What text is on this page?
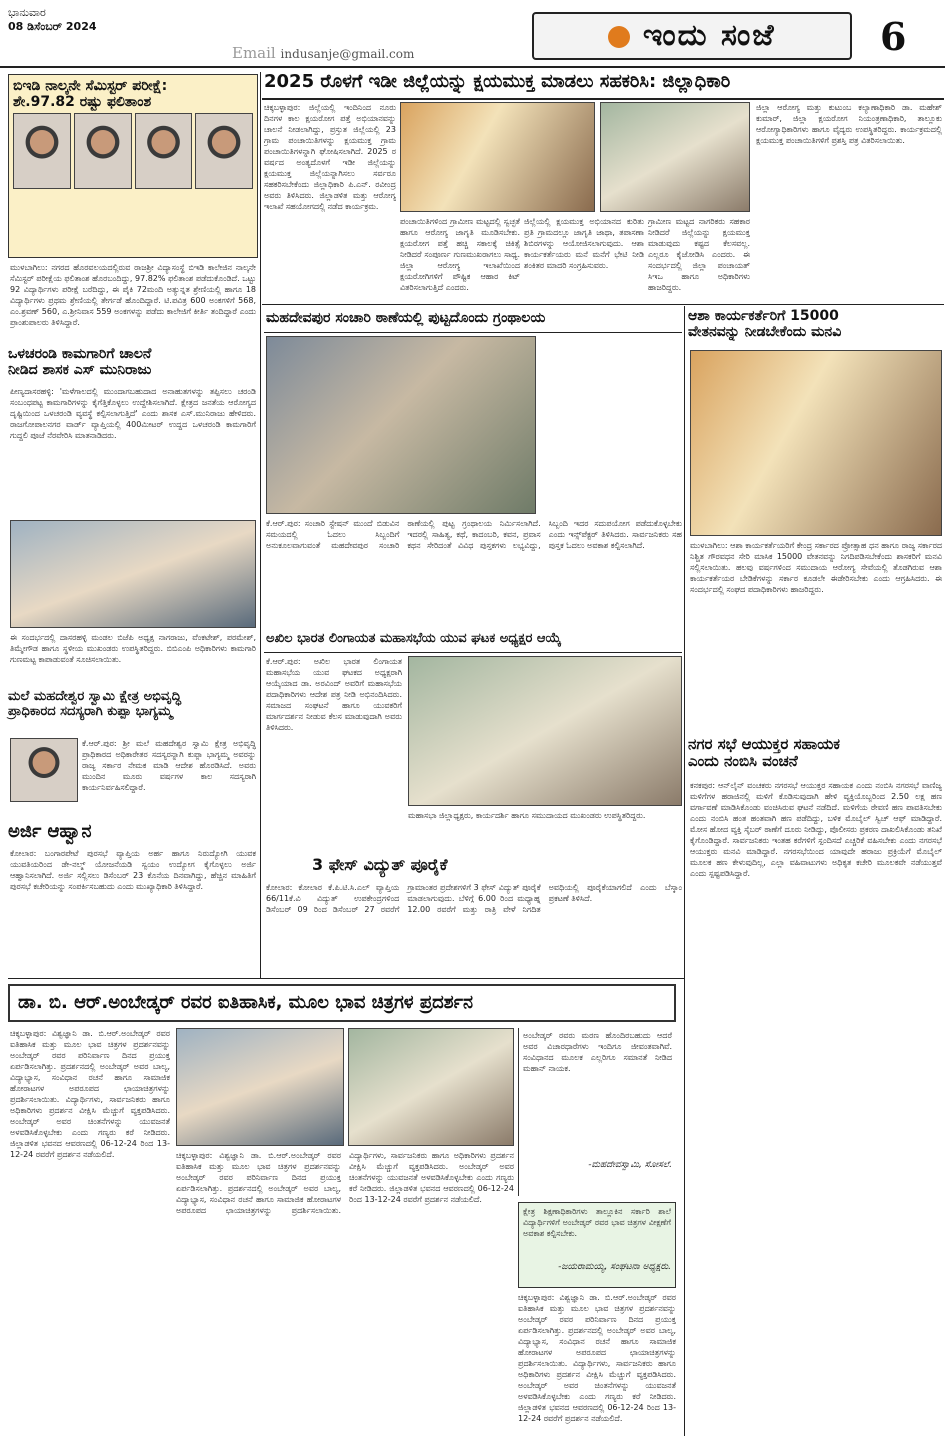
ಭಾನುವಾರ
08 ಡಿಸೆಂಬರ್ 2024
Email indusanje@gmail.com
ಇಂದು ಸಂಜೆ	6
ಬಿಇಡಿ ನಾಲ್ಕನೇ ಸೆಮಿಸ್ಟರ್ ಪರೀಕ್ಷೆ:
ಶೇ.97.82 ರಷ್ಟು ಫಲಿತಾಂಶ
ಮುಳಬಾಗಿಲು: ನಗರದ ಹೊರವಲಯದಲ್ಲಿರುವ ರಾಜಶ್ರೀ ವಿದ್ಯಾಸಂಸ್ಥೆ ಬಿಇಡಿ ಕಾಲೇಜಿನ ನಾಲ್ಕನೇ ಸೆಮಿಸ್ಟರ್ ಪರೀಕ್ಷೆಯ ಫಲಿತಾಂಶ ಹೊರಬಂದಿದ್ದು, 97.82% ಫಲಿತಾಂಶ ಪಡೆದುಕೊಂಡಿದೆ. ಒಟ್ಟು 92 ವಿದ್ಯಾರ್ಥಿಗಳು ಪರೀಕ್ಷೆ ಬರೆದಿದ್ದು, ಈ ಪೈಕಿ 72ಮಂದಿ ಅತ್ಯುನ್ನತ ಶ್ರೇಣಿಯಲ್ಲಿ ಹಾಗೂ 18 ವಿದ್ಯಾರ್ಥಿಗಳು ಪ್ರಥಮ ಶ್ರೇಣಿಯಲ್ಲಿ ತೇರ್ಗಡೆ ಹೊಂದಿದ್ದಾರೆ. ಟಿ.ಪವಿತ್ರ 600 ಅಂಕಗಳಿಗೆ 568, ಎಂ.ಶ್ರವಣ್ 560, ಎ.ಶ್ರೀನಿವಾಸ 559 ಅಂಕಗಳನ್ನು ಪಡೆದು ಕಾಲೇಜಿಗೆ ಕೀರ್ತಿ ತಂದಿದ್ದಾರೆ ಎಂದು ಪ್ರಾಂಶುಪಾಲರು ತಿಳಿಸಿದ್ದಾರೆ.
ಒಳಚರಂಡಿ ಕಾಮಗಾರಿಗೆ ಚಾಲನೆ
ನೀಡಿದ ಶಾಸಕ ಎಸ್ ಮುನಿರಾಜು
ಪೀಣ್ಯದಾಸರಹಳ್ಳಿ: 'ಮಳೆಗಾಲದಲ್ಲಿ ಮುಂದಾಗಬಹುದಾದ ಅನಾಹುತಗಳನ್ನು ತಪ್ಪಿಸಲು ಚರಂಡಿ ಸಂಬಂಧಪಟ್ಟ ಕಾಮಗಾರಿಗಳನ್ನು ಕೈಗೆತ್ತಿಕೊಳ್ಳಲು ಉದ್ದೇಶಿಸಲಾಗಿದೆ. ಕ್ಷೇತ್ರದ ಜನತೆಯ ಆರೋಗ್ಯದ ದೃಷ್ಟಿಯಿಂದ ಒಳಚರಂಡಿ ವ್ಯವಸ್ಥೆ ಕಲ್ಪಿಸಲಾಗುತ್ತಿದೆ' ಎಂದು ಶಾಸಕ ಎಸ್.ಮುನಿರಾಜು ಹೇಳಿದರು. ರಾಜಗೋಪಾಲನಗರ ವಾರ್ಡ್ ವ್ಯಾಪ್ತಿಯಲ್ಲಿ 400ಮೀಟರ್ ಉದ್ದದ ಒಳಚರಂಡಿ ಕಾಮಗಾರಿಗೆ ಗುದ್ದಲಿ ಪೂಜೆ ನೆರವೇರಿಸಿ ಮಾತನಾಡಿದರು.
ಈ ಸಂದರ್ಭದಲ್ಲಿ ದಾಸರಹಳ್ಳಿ ಮಂಡಲ ಬಿಜೆಪಿ ಅಧ್ಯಕ್ಷ ನಾಗರಾಜು, ವೆಂಕಟೇಶ್, ಪರಮೇಶ್, ತಿಮ್ಮೇಗೌಡ ಹಾಗೂ ಸ್ಥಳೀಯ ಮುಖಂಡರು ಉಪಸ್ಥಿತರಿದ್ದರು. ಬಿಬಿಎಂಪಿ ಅಧಿಕಾರಿಗಳು ಕಾಮಗಾರಿ ಗುಣಮಟ್ಟ ಕಾಪಾಡುವಂತೆ ಸೂಚಿಸಲಾಯಿತು.
ಮಲೆ ಮಹದೇಶ್ವರ ಸ್ವಾಮಿ ಕ್ಷೇತ್ರ ಅಭಿವೃದ್ಧಿ
ಪ್ರಾಧಿಕಾರದ ಸದಸ್ಯರಾಗಿ ಕುಪ್ಪಾ ಭಾಗ್ಯಮ್ಮ
ಕೆ.ಆರ್.ಪುರ: ಶ್ರೀ ಮಲೆ ಮಹದೇಶ್ವರ ಸ್ವಾಮಿ ಕ್ಷೇತ್ರ ಅಭಿವೃದ್ಧಿ ಪ್ರಾಧಿಕಾರದ ಅಧಿಕಾರೇತರ ಸದಸ್ಯರನ್ನಾಗಿ ಕುಪ್ಪಾ ಭಾಗ್ಯಮ್ಮ ಅವರನ್ನು ರಾಜ್ಯ ಸರ್ಕಾರ ನೇಮಕ ಮಾಡಿ ಆದೇಶ ಹೊರಡಿಸಿದೆ. ಅವರು ಮುಂದಿನ ಮೂರು ವರ್ಷಗಳ ಕಾಲ ಸದಸ್ಯರಾಗಿ ಕಾರ್ಯನಿರ್ವಹಿಸಲಿದ್ದಾರೆ.
ಅರ್ಜಿ ಆಹ್ವಾನ
ಕೋಲಾರ: ಬಂಗಾರಪೇಟೆ ಪುರಸಭೆ ವ್ಯಾಪ್ತಿಯ ಅರ್ಹ ಹಾಗೂ ನಿರುದ್ಯೋಗಿ ಯುವಕ ಯುವತಿಯರಿಂದ ಡೇ-ನಲ್ಮ್ ಯೋಜನೆಯಡಿ ಸ್ವಯಂ ಉದ್ಯೋಗ ಕೈಗೊಳ್ಳಲು ಅರ್ಜಿ ಆಹ್ವಾನಿಸಲಾಗಿದೆ. ಅರ್ಜಿ ಸಲ್ಲಿಸಲು ಡಿಸೆಂಬರ್ 23 ಕೊನೆಯ ದಿನವಾಗಿದ್ದು, ಹೆಚ್ಚಿನ ಮಾಹಿತಿಗೆ ಪುರಸಭೆ ಕಚೇರಿಯನ್ನು ಸಂಪರ್ಕಿಸಬಹುದು ಎಂದು ಮುಖ್ಯಾಧಿಕಾರಿ ತಿಳಿಸಿದ್ದಾರೆ.
2025 ರೊಳಗೆ ಇಡೀ ಜಿಲ್ಲೆಯನ್ನು ಕ್ಷಯಮುಕ್ತ ಮಾಡಲು ಸಹಕರಿಸಿ: ಜಿಲ್ಲಾಧಿಕಾರಿ
ಚಿಕ್ಕಬಳ್ಳಾಪುರ: ಜಿಲ್ಲೆಯಲ್ಲಿ ಇಂದಿನಿಂದ ನೂರು ದಿನಗಳ ಕಾಲ ಕ್ಷಯರೋಗ ಪತ್ತೆ ಅಭಿಯಾನವನ್ನು ಚಾಲನೆ ನೀಡಲಾಗಿದ್ದು, ಪ್ರಸ್ತುತ ಜಿಲ್ಲೆಯಲ್ಲಿ 23 ಗ್ರಾಮ ಪಂಚಾಯಿತಿಗಳನ್ನು ಕ್ಷಯಮುಕ್ತ ಗ್ರಾಮ ಪಂಚಾಯಿತಿಗಳನ್ನಾಗಿ ಘೋಷಿಸಲಾಗಿದೆ. 2025 ರ ವರ್ಷದ ಅಂತ್ಯದೊಳಗೆ ಇಡೀ ಜಿಲ್ಲೆಯನ್ನು ಕ್ಷಯಮುಕ್ತ ಜಿಲ್ಲೆಯನ್ನಾಗಿಸಲು ಸರ್ವರೂ ಸಹಕರಿಸಬೇಕೆಂದು ಜಿಲ್ಲಾಧಿಕಾರಿ ಪಿ.ಎನ್. ರವೀಂದ್ರ ಅವರು ತಿಳಿಸಿದರು. ಜಿಲ್ಲಾಡಳಿತ ಮತ್ತು ಆರೋಗ್ಯ ಇಲಾಖೆ ಸಹಯೋಗದಲ್ಲಿ ನಡೆದ ಕಾರ್ಯಕ್ರಮ.
ಪಂಚಾಯಿತಿಗಳಿಂದ ಗ್ರಾಮೀಣ ಮಟ್ಟದಲ್ಲಿ ಸ್ವಚ್ಛತೆ ಹಾಗೂ ಆರೋಗ್ಯ ಜಾಗೃತಿ ಮೂಡಿಸಬೇಕು. ಕ್ಷಯರೋಗ ಪತ್ತೆ ಹಚ್ಚಿ ಸಕಾಲಕ್ಕೆ ಚಿಕಿತ್ಸೆ ನೀಡಿದರೆ ಸಂಪೂರ್ಣ ಗುಣಮುಖರಾಗಲು ಸಾಧ್ಯ. ಜಿಲ್ಲಾ ಆರೋಗ್ಯ ಇಲಾಖೆಯಿಂದ ಕ್ಷಯರೋಗಿಗಳಿಗೆ ಪೌಷ್ಟಿಕ ಆಹಾರ ಕಿಟ್ ವಿತರಿಸಲಾಗುತ್ತಿದೆ ಎಂದರು.
ಜಿಲ್ಲೆಯಲ್ಲಿ ಕ್ಷಯಮುಕ್ತ ಅಭಿಯಾನದ ಕುರಿತು ಪ್ರತಿ ಗ್ರಾಮದಲ್ಲೂ ಜಾಗೃತಿ ಜಾಥಾ, ತಪಾಸಣಾ ಶಿಬಿರಗಳನ್ನು ಆಯೋಜಿಸಲಾಗುವುದು. ಆಶಾ ಕಾರ್ಯಕರ್ತೆಯರು ಮನೆ ಮನೆಗೆ ಭೇಟಿ ನೀಡಿ ಶಂಕಿತರ ಮಾದರಿ ಸಂಗ್ರಹಿಸುವರು.
ಗ್ರಾಮೀಣ ಮಟ್ಟದ ನಾಗರಿಕರು ಸಹಕಾರ ನೀಡಿದರೆ ಜಿಲ್ಲೆಯನ್ನು ಕ್ಷಯಮುಕ್ತ ಮಾಡುವುದು ಕಷ್ಟದ ಕೆಲಸವಲ್ಲ. ಎಲ್ಲರೂ ಕೈಜೋಡಿಸಿ ಎಂದರು. ಈ ಸಂದರ್ಭದಲ್ಲಿ ಜಿಲ್ಲಾ ಪಂಚಾಯತ್ ಸಿಇಒ ಹಾಗೂ ಅಧಿಕಾರಿಗಳು ಹಾಜರಿದ್ದರು.
ಜಿಲ್ಲಾ ಆರೋಗ್ಯ ಮತ್ತು ಕುಟುಂಬ ಕಲ್ಯಾಣಾಧಿಕಾರಿ ಡಾ. ಮಹೇಶ್ ಕುಮಾರ್, ಜಿಲ್ಲಾ ಕ್ಷಯರೋಗ ನಿಯಂತ್ರಣಾಧಿಕಾರಿ, ತಾಲ್ಲೂಕು ಆರೋಗ್ಯಾಧಿಕಾರಿಗಳು ಹಾಗೂ ವೈದ್ಯರು ಉಪಸ್ಥಿತರಿದ್ದರು. ಕಾರ್ಯಕ್ರಮದಲ್ಲಿ ಕ್ಷಯಮುಕ್ತ ಪಂಚಾಯಿತಿಗಳಿಗೆ ಪ್ರಶಸ್ತಿ ಪತ್ರ ವಿತರಿಸಲಾಯಿತು.
ಮಹದೇವಪುರ ಸಂಚಾರಿ ಠಾಣೆಯಲ್ಲಿ ಪುಟ್ಟದೊಂದು ಗ್ರಂಥಾಲಯ
ಕೆ.ಆರ್.ಪುರ: ಸಂಚಾರಿ ಸ್ಟೇಷನ್ ಮುಂದೆ ಬಿಡುವಿನ ಸಮಯದಲ್ಲಿ ಓದಲು ಸಿಬ್ಬಂದಿಗೆ ಅನುಕೂಲವಾಗುವಂತೆ ಮಹದೇವಪುರ ಸಂಚಾರಿ ಠಾಣೆಯಲ್ಲಿ ಪುಟ್ಟ ಗ್ರಂಥಾಲಯ ನಿರ್ಮಿಸಲಾಗಿದೆ. ಇದರಲ್ಲಿ ಸಾಹಿತ್ಯ, ಕಥೆ, ಕಾದಂಬರಿ, ಕವನ, ಪ್ರವಾಸ ಕಥನ ಸೇರಿದಂತೆ ವಿವಿಧ ಪುಸ್ತಕಗಳು ಲಭ್ಯವಿದ್ದು, ಸಿಬ್ಬಂದಿ ಇದರ ಸದುಪಯೋಗ ಪಡೆದುಕೊಳ್ಳಬೇಕು ಎಂದು ಇನ್ಸ್‌ಪೆಕ್ಟರ್ ತಿಳಿಸಿದರು. ಸಾರ್ವಜನಿಕರು ಸಹ ಪುಸ್ತಕ ಓದಲು ಅವಕಾಶ ಕಲ್ಪಿಸಲಾಗಿದೆ.
ಆಶಾ ಕಾರ್ಯಕರ್ತೆರಿಗೆ 15000
ವೇತನವನ್ನು ನೀಡಬೇಕೆಂದು ಮನವಿ
ಮುಳಬಾಗಿಲು: ಆಶಾ ಕಾರ್ಯಕರ್ತೆಯರಿಗೆ ಕೇಂದ್ರ ಸರ್ಕಾರದ ಪ್ರೋತ್ಸಾಹ ಧನ ಹಾಗೂ ರಾಜ್ಯ ಸರ್ಕಾರದ ನಿಶ್ಚಿತ ಗೌರವಧನ ಸೇರಿ ಮಾಸಿಕ 15000 ವೇತನವನ್ನು ನಿಗದಿಪಡಿಸಬೇಕೆಂದು ಶಾಸಕರಿಗೆ ಮನವಿ ಸಲ್ಲಿಸಲಾಯಿತು. ಹಲವು ವರ್ಷಗಳಿಂದ ಸಮುದಾಯ ಆರೋಗ್ಯ ಸೇವೆಯಲ್ಲಿ ತೊಡಗಿರುವ ಆಶಾ ಕಾರ್ಯಕರ್ತೆಯರ ಬೇಡಿಕೆಗಳನ್ನು ಸರ್ಕಾರ ಕೂಡಲೇ ಈಡೇರಿಸಬೇಕು ಎಂದು ಆಗ್ರಹಿಸಿದರು. ಈ ಸಂದರ್ಭದಲ್ಲಿ ಸಂಘದ ಪದಾಧಿಕಾರಿಗಳು ಹಾಜರಿದ್ದರು.
ಅಖಿಲ ಭಾರತ ಲಿಂಗಾಯತ ಮಹಾಸಭೆಯ ಯುವ ಘಟಕ ಅಧ್ಯಕ್ಷರ ಆಯ್ಕೆ
ಕೆ.ಆರ್.ಪುರ: ಅಖಿಲ ಭಾರತ ಲಿಂಗಾಯತ ಮಹಾಸಭೆಯ ಯುವ ಘಟಕದ ಅಧ್ಯಕ್ಷರಾಗಿ ಆಯ್ಕೆಯಾದ ಡಾ. ಅರವಿಂದ್ ಅವರಿಗೆ ಮಹಾಸಭೆಯ ಪದಾಧಿಕಾರಿಗಳು ಆದೇಶ ಪತ್ರ ನೀಡಿ ಅಭಿನಂದಿಸಿದರು. ಸಮಾಜದ ಸಂಘಟನೆ ಹಾಗೂ ಯುವಕರಿಗೆ ಮಾರ್ಗದರ್ಶನ ನೀಡುವ ಕೆಲಸ ಮಾಡುವುದಾಗಿ ಅವರು ತಿಳಿಸಿದರು.
ಮಹಾಸಭಾ ಜಿಲ್ಲಾಧ್ಯಕ್ಷರು, ಕಾರ್ಯದರ್ಶಿ ಹಾಗೂ ಸಮುದಾಯದ ಮುಖಂಡರು ಉಪಸ್ಥಿತರಿದ್ದರು.
3 ಫೇಸ್ ವಿದ್ಯುತ್ ಪೂರೈಕೆ
ಕೋಲಾರ: ಕೋಲಾರ ಕೆ.ಪಿ.ಟಿ.ಸಿ.ಎಲ್ ವ್ಯಾಪ್ತಿಯ 66/11ಕೆ.ವಿ ವಿದ್ಯುತ್ ಉಪಕೇಂದ್ರಗಳಿಂದ ಡಿಸೆಂಬರ್ 09 ರಿಂದ ಡಿಸೆಂಬರ್ 27 ರವರೆಗೆ ಗ್ರಾಮಾಂತರ ಪ್ರದೇಶಗಳಿಗೆ 3 ಫೇಸ್ ವಿದ್ಯುತ್ ಪೂರೈಕೆ ಮಾಡಲಾಗುವುದು. ಬೆಳಿಗ್ಗೆ 6.00 ರಿಂದ ಮಧ್ಯಾಹ್ನ 12.00 ರವರೆಗೆ ಮತ್ತು ರಾತ್ರಿ ವೇಳೆ ನಿಗದಿತ ಅವಧಿಯಲ್ಲಿ ಪೂರೈಕೆಯಾಗಲಿದೆ ಎಂದು ಬೆಸ್ಕಾಂ ಪ್ರಕಟಣೆ ತಿಳಿಸಿದೆ.
ನಗರ ಸಭೆ ಆಯುಕ್ತರ ಸಹಾಯಕ
ಎಂದು ನಂಬಿಸಿ ವಂಚನೆ
ಕನಕಪುರ: ಆನ್‌ಲೈನ್ ವಂಚಕರು ನಗರಸಭೆ ಆಯುಕ್ತರ ಸಹಾಯಕ ಎಂದು ನಂಬಿಸಿ ನಗರಸಭೆ ವಾಣಿಜ್ಯ ಮಳಿಗೆಗಳ ಹರಾಜಿನಲ್ಲಿ ಮಳಿಗೆ ಕೊಡಿಸುವುದಾಗಿ ಹೇಳಿ ವ್ಯಕ್ತಿಯೊಬ್ಬರಿಂದ 2.50 ಲಕ್ಷ ಹಣ ವರ್ಗಾವಣೆ ಮಾಡಿಸಿಕೊಂಡು ವಂಚಿಸಿರುವ ಘಟನೆ ನಡೆದಿದೆ. ಮಳಿಗೆಯ ಠೇವಣಿ ಹಣ ಪಾವತಿಸಬೇಕು ಎಂದು ನಂಬಿಸಿ ಹಂತ ಹಂತವಾಗಿ ಹಣ ಪಡೆದಿದ್ದು, ಬಳಿಕ ಮೊಬೈಲ್ ಸ್ವಿಚ್ ಆಫ್ ಮಾಡಿದ್ದಾರೆ. ಮೋಸ ಹೋದ ವ್ಯಕ್ತಿ ಸೈಬರ್ ಠಾಣೆಗೆ ದೂರು ನೀಡಿದ್ದು, ಪೊಲೀಸರು ಪ್ರಕರಣ ದಾಖಲಿಸಿಕೊಂಡು ತನಿಖೆ ಕೈಗೊಂಡಿದ್ದಾರೆ. ಸಾರ್ವಜನಿಕರು ಇಂತಹ ಕರೆಗಳಿಗೆ ಸ್ಪಂದಿಸದೆ ಎಚ್ಚರಿಕೆ ವಹಿಸಬೇಕು ಎಂದು ನಗರಸಭೆ ಆಯುಕ್ತರು ಮನವಿ ಮಾಡಿದ್ದಾರೆ. ನಗರಸಭೆಯಿಂದ ಯಾವುದೇ ಹರಾಜು ಪ್ರಕ್ರಿಯೆಗೆ ಮೊಬೈಲ್ ಮೂಲಕ ಹಣ ಕೇಳುವುದಿಲ್ಲ, ಎಲ್ಲಾ ವಹಿವಾಟುಗಳು ಅಧಿಕೃತ ಕಚೇರಿ ಮೂಲಕವೇ ನಡೆಯುತ್ತವೆ ಎಂದು ಸ್ಪಷ್ಟಪಡಿಸಿದ್ದಾರೆ.
ಡಾ. ಬಿ. ಆರ್.ಅಂಬೇಡ್ಕರ್ ರವರ ಐತಿಹಾಸಿಕ, ಮೂಲ ಭಾವ ಚಿತ್ರಗಳ ಪ್ರದರ್ಶನ
ಚಿಕ್ಕಬಳ್ಳಾಪುರ: ವಿಶ್ವಜ್ಞಾನಿ ಡಾ. ಬಿ.ಆರ್.ಅಂಬೇಡ್ಕರ್ ರವರ ಐತಿಹಾಸಿಕ ಮತ್ತು ಮೂಲ ಭಾವ ಚಿತ್ರಗಳ ಪ್ರದರ್ಶನವನ್ನು ಅಂಬೇಡ್ಕರ್ ರವರ ಪರಿನಿರ್ವಾಣ ದಿನದ ಪ್ರಯುಕ್ತ ಏರ್ಪಡಿಸಲಾಗಿತ್ತು. ಪ್ರದರ್ಶನದಲ್ಲಿ ಅಂಬೇಡ್ಕರ್ ಅವರ ಬಾಲ್ಯ, ವಿದ್ಯಾಭ್ಯಾಸ, ಸಂವಿಧಾನ ರಚನೆ ಹಾಗೂ ಸಾಮಾಜಿಕ ಹೋರಾಟಗಳ ಅಪರೂಪದ ಛಾಯಾಚಿತ್ರಗಳನ್ನು ಪ್ರದರ್ಶಿಸಲಾಯಿತು. ವಿದ್ಯಾರ್ಥಿಗಳು, ಸಾರ್ವಜನಿಕರು ಹಾಗೂ ಅಧಿಕಾರಿಗಳು ಪ್ರದರ್ಶನ ವೀಕ್ಷಿಸಿ ಮೆಚ್ಚುಗೆ ವ್ಯಕ್ತಪಡಿಸಿದರು. ಅಂಬೇಡ್ಕರ್ ಅವರ ಚಿಂತನೆಗಳನ್ನು ಯುವಜನತೆ ಅಳವಡಿಸಿಕೊಳ್ಳಬೇಕು ಎಂದು ಗಣ್ಯರು ಕರೆ ನೀಡಿದರು. ಜಿಲ್ಲಾಡಳಿತ ಭವನದ ಆವರಣದಲ್ಲಿ 06-12-24 ರಿಂದ 13-12-24 ರವರೆಗೆ ಪ್ರದರ್ಶನ ನಡೆಯಲಿದೆ.	ಚಿಕ್ಕಬಳ್ಳಾಪುರ: ವಿಶ್ವಜ್ಞಾನಿ ಡಾ. ಬಿ.ಆರ್.ಅಂಬೇಡ್ಕರ್ ರವರ ಐತಿಹಾಸಿಕ ಮತ್ತು ಮೂಲ ಭಾವ ಚಿತ್ರಗಳ ಪ್ರದರ್ಶನವನ್ನು ಅಂಬೇಡ್ಕರ್ ರವರ ಪರಿನಿರ್ವಾಣ ದಿನದ ಪ್ರಯುಕ್ತ ಏರ್ಪಡಿಸಲಾಗಿತ್ತು. ಪ್ರದರ್ಶನದಲ್ಲಿ ಅಂಬೇಡ್ಕರ್ ಅವರ ಬಾಲ್ಯ, ವಿದ್ಯಾಭ್ಯಾಸ, ಸಂವಿಧಾನ ರಚನೆ ಹಾಗೂ ಸಾಮಾಜಿಕ ಹೋರಾಟಗಳ ಅಪರೂಪದ ಛಾಯಾಚಿತ್ರಗಳನ್ನು ಪ್ರದರ್ಶಿಸಲಾಯಿತು. ವಿದ್ಯಾರ್ಥಿಗಳು, ಸಾರ್ವಜನಿಕರು ಹಾಗೂ ಅಧಿಕಾರಿಗಳು ಪ್ರದರ್ಶನ ವೀಕ್ಷಿಸಿ ಮೆಚ್ಚುಗೆ ವ್ಯಕ್ತಪಡಿಸಿದರು. ಅಂಬೇಡ್ಕರ್ ಅವರ ಚಿಂತನೆಗಳನ್ನು ಯುವಜನತೆ ಅಳವಡಿಸಿಕೊಳ್ಳಬೇಕು ಎಂದು ಗಣ್ಯರು ಕರೆ ನೀಡಿದರು. ಜಿಲ್ಲಾಡಳಿತ ಭವನದ ಆವರಣದಲ್ಲಿ 06-12-24 ರಿಂದ 13-12-24 ರವರೆಗೆ ಪ್ರದರ್ಶನ ನಡೆಯಲಿದೆ.
ಅಂಬೇಡ್ಕರ್ ರವರು ಮರಣ ಹೊಂದಿರಬಹುದು ಆದರೆ ಅವರ ವಿಚಾರಧಾರೆಗಳು ಇಂದಿಗೂ ಜೀವಂತವಾಗಿವೆ. ಸಂವಿಧಾನದ ಮೂಲಕ ಎಲ್ಲರಿಗೂ ಸಮಾನತೆ ನೀಡಿದ ಮಹಾನ್ ನಾಯಕ.
-ಮಹದೇವಸ್ವಾಮಿ, ಸೋಸಲೆ.
ಕ್ಷೇತ್ರ ಶಿಕ್ಷಣಾಧಿಕಾರಿಗಳು ತಾಲ್ಲೂಕಿನ ಸರ್ಕಾರಿ ಶಾಲೆ ವಿದ್ಯಾರ್ಥಿಗಳಿಗೆ ಅಂಬೇಡ್ಕರ್ ರವರ ಭಾವ ಚಿತ್ರಗಳ ವೀಕ್ಷಣೆಗೆ ಅವಕಾಶ ಕಲ್ಪಿಸಬೇಕು.
-ಜಯರಾಮಯ್ಯ, ಸಂಘಟನಾ ಅಧ್ಯಕ್ಷರು.
ಚಿಕ್ಕಬಳ್ಳಾಪುರ: ವಿಶ್ವಜ್ಞಾನಿ ಡಾ. ಬಿ.ಆರ್.ಅಂಬೇಡ್ಕರ್ ರವರ ಐತಿಹಾಸಿಕ ಮತ್ತು ಮೂಲ ಭಾವ ಚಿತ್ರಗಳ ಪ್ರದರ್ಶನವನ್ನು ಅಂಬೇಡ್ಕರ್ ರವರ ಪರಿನಿರ್ವಾಣ ದಿನದ ಪ್ರಯುಕ್ತ ಏರ್ಪಡಿಸಲಾಗಿತ್ತು. ಪ್ರದರ್ಶನದಲ್ಲಿ ಅಂಬೇಡ್ಕರ್ ಅವರ ಬಾಲ್ಯ, ವಿದ್ಯಾಭ್ಯಾಸ, ಸಂವಿಧಾನ ರಚನೆ ಹಾಗೂ ಸಾಮಾಜಿಕ ಹೋರಾಟಗಳ ಅಪರೂಪದ ಛಾಯಾಚಿತ್ರಗಳನ್ನು ಪ್ರದರ್ಶಿಸಲಾಯಿತು. ವಿದ್ಯಾರ್ಥಿಗಳು, ಸಾರ್ವಜನಿಕರು ಹಾಗೂ ಅಧಿಕಾರಿಗಳು ಪ್ರದರ್ಶನ ವೀಕ್ಷಿಸಿ ಮೆಚ್ಚುಗೆ ವ್ಯಕ್ತಪಡಿಸಿದರು. ಅಂಬೇಡ್ಕರ್ ಅವರ ಚಿಂತನೆಗಳನ್ನು ಯುವಜನತೆ ಅಳವಡಿಸಿಕೊಳ್ಳಬೇಕು ಎಂದು ಗಣ್ಯರು ಕರೆ ನೀಡಿದರು. ಜಿಲ್ಲಾಡಳಿತ ಭವನದ ಆವರಣದಲ್ಲಿ 06-12-24 ರಿಂದ 13-12-24 ರವರೆಗೆ ಪ್ರದರ್ಶನ ನಡೆಯಲಿದೆ.
